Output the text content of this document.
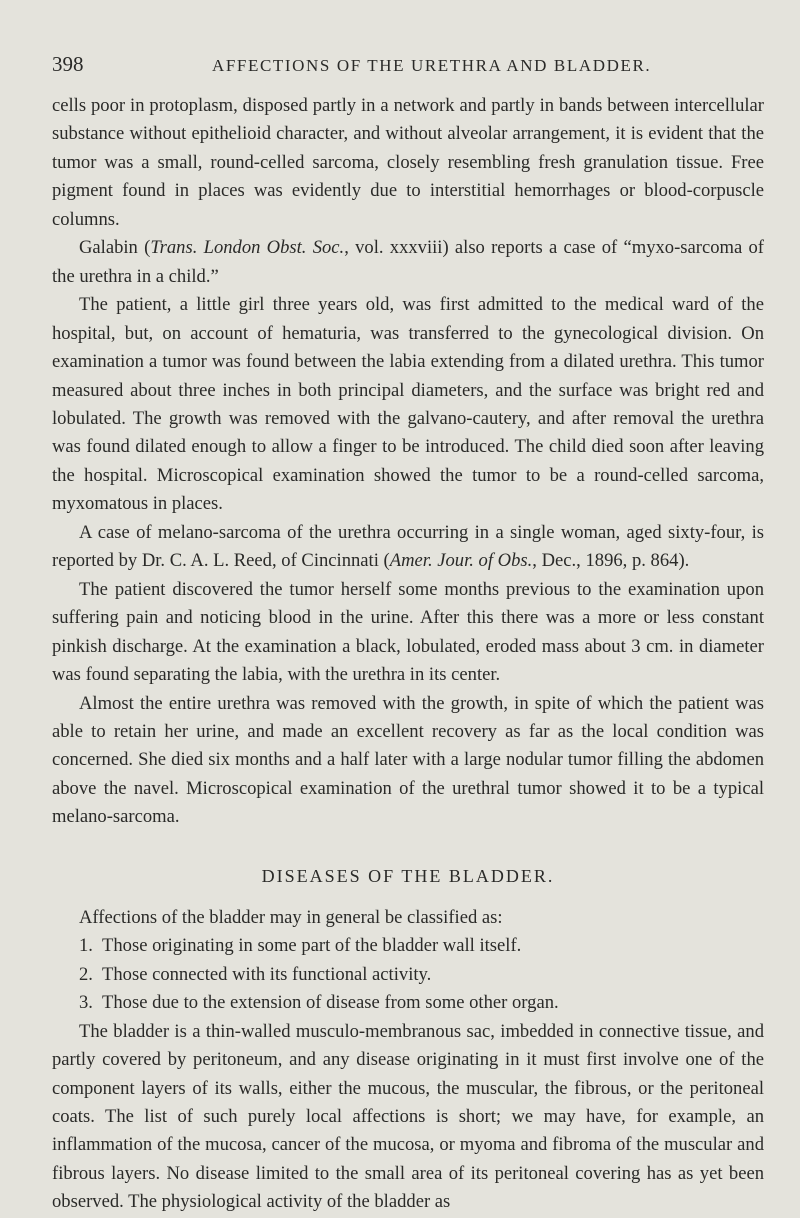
398	AFFECTIONS OF THE URETHRA AND BLADDER.

cells poor in protoplasm, disposed partly in a network and partly in bands between intercellular substance without epithelioid character, and without alveolar arrangement, it is evident that the tumor was a small, round-celled sarcoma, closely resembling fresh granulation tissue. Free pigment found in places was evidently due to interstitial hemorrhages or blood-corpuscle columns.

Galabin (Trans. London Obst. Soc., vol. xxxviii) also reports a case of “myxo-sarcoma of the urethra in a child.”

The patient, a little girl three years old, was first admitted to the medical ward of the hospital, but, on account of hematuria, was transferred to the gynecological division. On examination a tumor was found between the labia extending from a dilated urethra. This tumor measured about three inches in both principal diameters, and the surface was bright red and lobulated. The growth was removed with the galvano-cautery, and after removal the urethra was found dilated enough to allow a finger to be introduced. The child died soon after leaving the hospital. Microscopical examination showed the tumor to be a round-celled sarcoma, myxomatous in places.

A case of melano-sarcoma of the urethra occurring in a single woman, aged sixty-four, is reported by Dr. C. A. L. Reed, of Cincinnati (Amer. Jour. of Obs., Dec., 1896, p. 864).

The patient discovered the tumor herself some months previous to the examination upon suffering pain and noticing blood in the urine. After this there was a more or less constant pinkish discharge. At the examination a black, lobulated, eroded mass about 3 cm. in diameter was found separating the labia, with the urethra in its center.

Almost the entire urethra was removed with the growth, in spite of which the patient was able to retain her urine, and made an excellent recovery as far as the local condition was concerned. She died six months and a half later with a large nodular tumor filling the abdomen above the navel. Microscopical examination of the urethral tumor showed it to be a typical melano-sarcoma.

DISEASES OF THE BLADDER.

Affections of the bladder may in general be classified as:

1. Those originating in some part of the bladder wall itself.
2. Those connected with its functional activity.
3. Those due to the extension of disease from some other organ.

The bladder is a thin-walled musculo-membranous sac, imbedded in connective tissue, and partly covered by peritoneum, and any disease originating in it must first involve one of the component layers of its walls, either the mucous, the muscular, the fibrous, or the peritoneal coats. The list of such purely local affections is short; we may have, for example, an inflammation of the mucosa, cancer of the mucosa, or myoma and fibroma of the muscular and fibrous layers. No disease limited to the small area of its peritoneal covering has as yet been observed. The physiological activity of the bladder as
